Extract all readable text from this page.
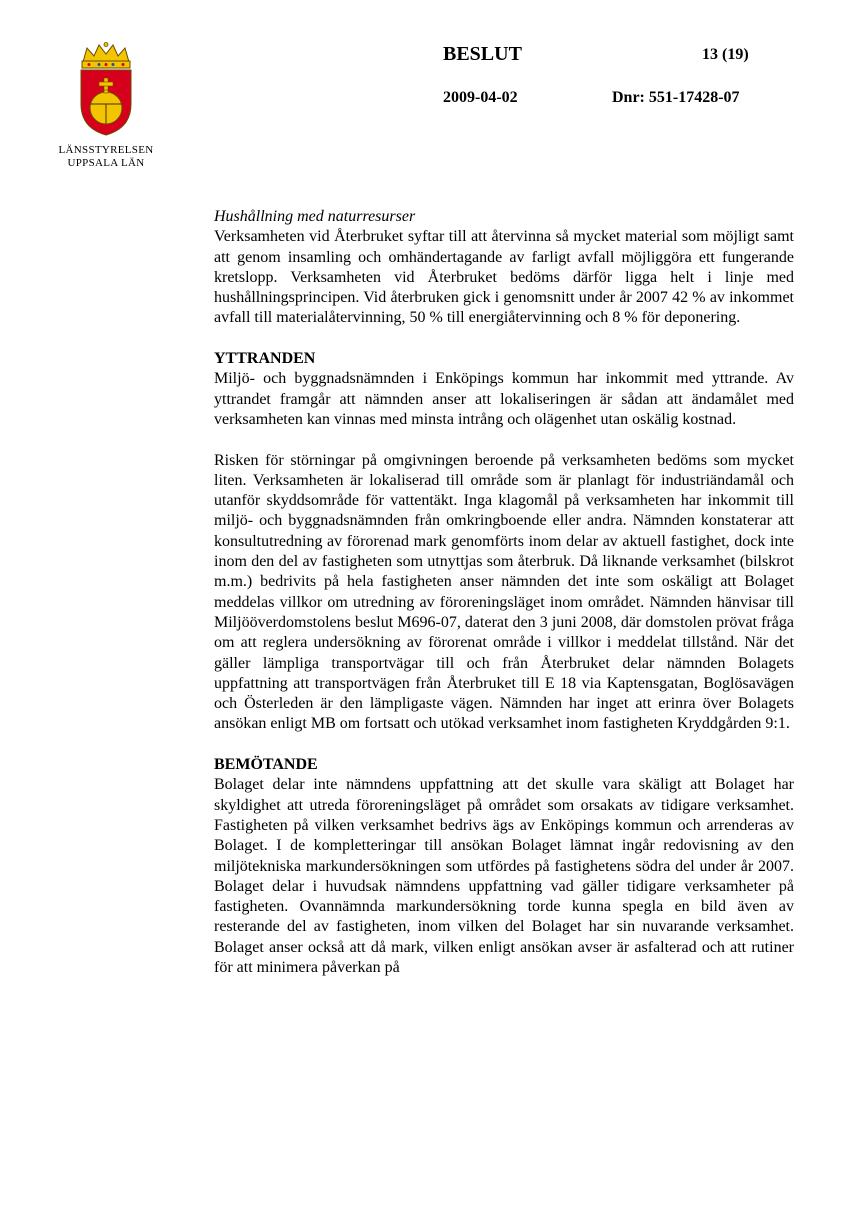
LÄNSSTYRELSEN
UPPSALA LÄN
BESLUT	13 (19)
2009-04-02	Dnr: 551-17428-07
Hushållning med naturresurser

Verksamheten vid Återbruket syftar till att återvinna så mycket material som möjligt samt att genom insamling och omhändertagande av farligt avfall möjliggöra ett fungerande kretslopp. Verksamheten vid Återbruket bedöms därför ligga helt i linje med hushållningsprincipen. Vid återbruken gick i genomsnitt under år 2007 42 % av inkommet avfall till materialåtervinning, 50 % till energiåtervinning och 8 % för deponering.

YTTRANDEN

Miljö- och byggnadsnämnden i Enköpings kommun har inkommit med yttrande. Av yttrandet framgår att nämnden anser att lokaliseringen är sådan att ändamålet med verksamheten kan vinnas med minsta intrång och olägenhet utan oskälig kostnad.

Risken för störningar på omgivningen beroende på verksamheten bedöms som mycket liten. Verksamheten är lokaliserad till område som är planlagt för industriändamål och utanför skyddsområde för vattentäkt. Inga klagomål på verksamheten har inkommit till miljö- och byggnadsnämnden från omkringboende eller andra. Nämnden konstaterar att konsultutredning av förorenad mark genomförts inom delar av aktuell fastighet, dock inte inom den del av fastigheten som utnyttjas som återbruk. Då liknande verksamhet (bilskrot m.m.) bedrivits på hela fastigheten anser nämnden det inte som oskäligt att Bolaget meddelas villkor om utredning av föroreningsläget inom området. Nämnden hänvisar till Miljööverdomstolens beslut M696-07, daterat den 3 juni 2008, där domstolen prövat fråga om att reglera undersökning av förorenat område i villkor i meddelat tillstånd. När det gäller lämpliga transportvägar till och från Återbruket delar nämnden Bolagets uppfattning att transportvägen från Återbruket till E 18 via Kaptensgatan, Boglösavägen och Österleden är den lämpligaste vägen. Nämnden har inget att erinra över Bolagets ansökan enligt MB om fortsatt och utökad verksamhet inom fastigheten Kryddgården 9:1.

BEMÖTANDE

Bolaget delar inte nämndens uppfattning att det skulle vara skäligt att Bolaget har skyldighet att utreda föroreningsläget på området som orsakats av tidigare verksamhet. Fastigheten på vilken verksamhet bedrivs ägs av Enköpings kommun och arrenderas av Bolaget. I de kompletteringar till ansökan Bolaget lämnat ingår redovisning av den miljötekniska markundersökningen som utfördes på fastighetens södra del under år 2007. Bolaget delar i huvudsak nämndens uppfattning vad gäller tidigare verksamheter på fastigheten. Ovannämnda markundersökning torde kunna spegla en bild även av resterande del av fastigheten, inom vilken del Bolaget har sin nuvarande verksamhet. Bolaget anser också att då mark, vilken enligt ansökan avser är asfalterad och att rutiner för att minimera påverkan på
